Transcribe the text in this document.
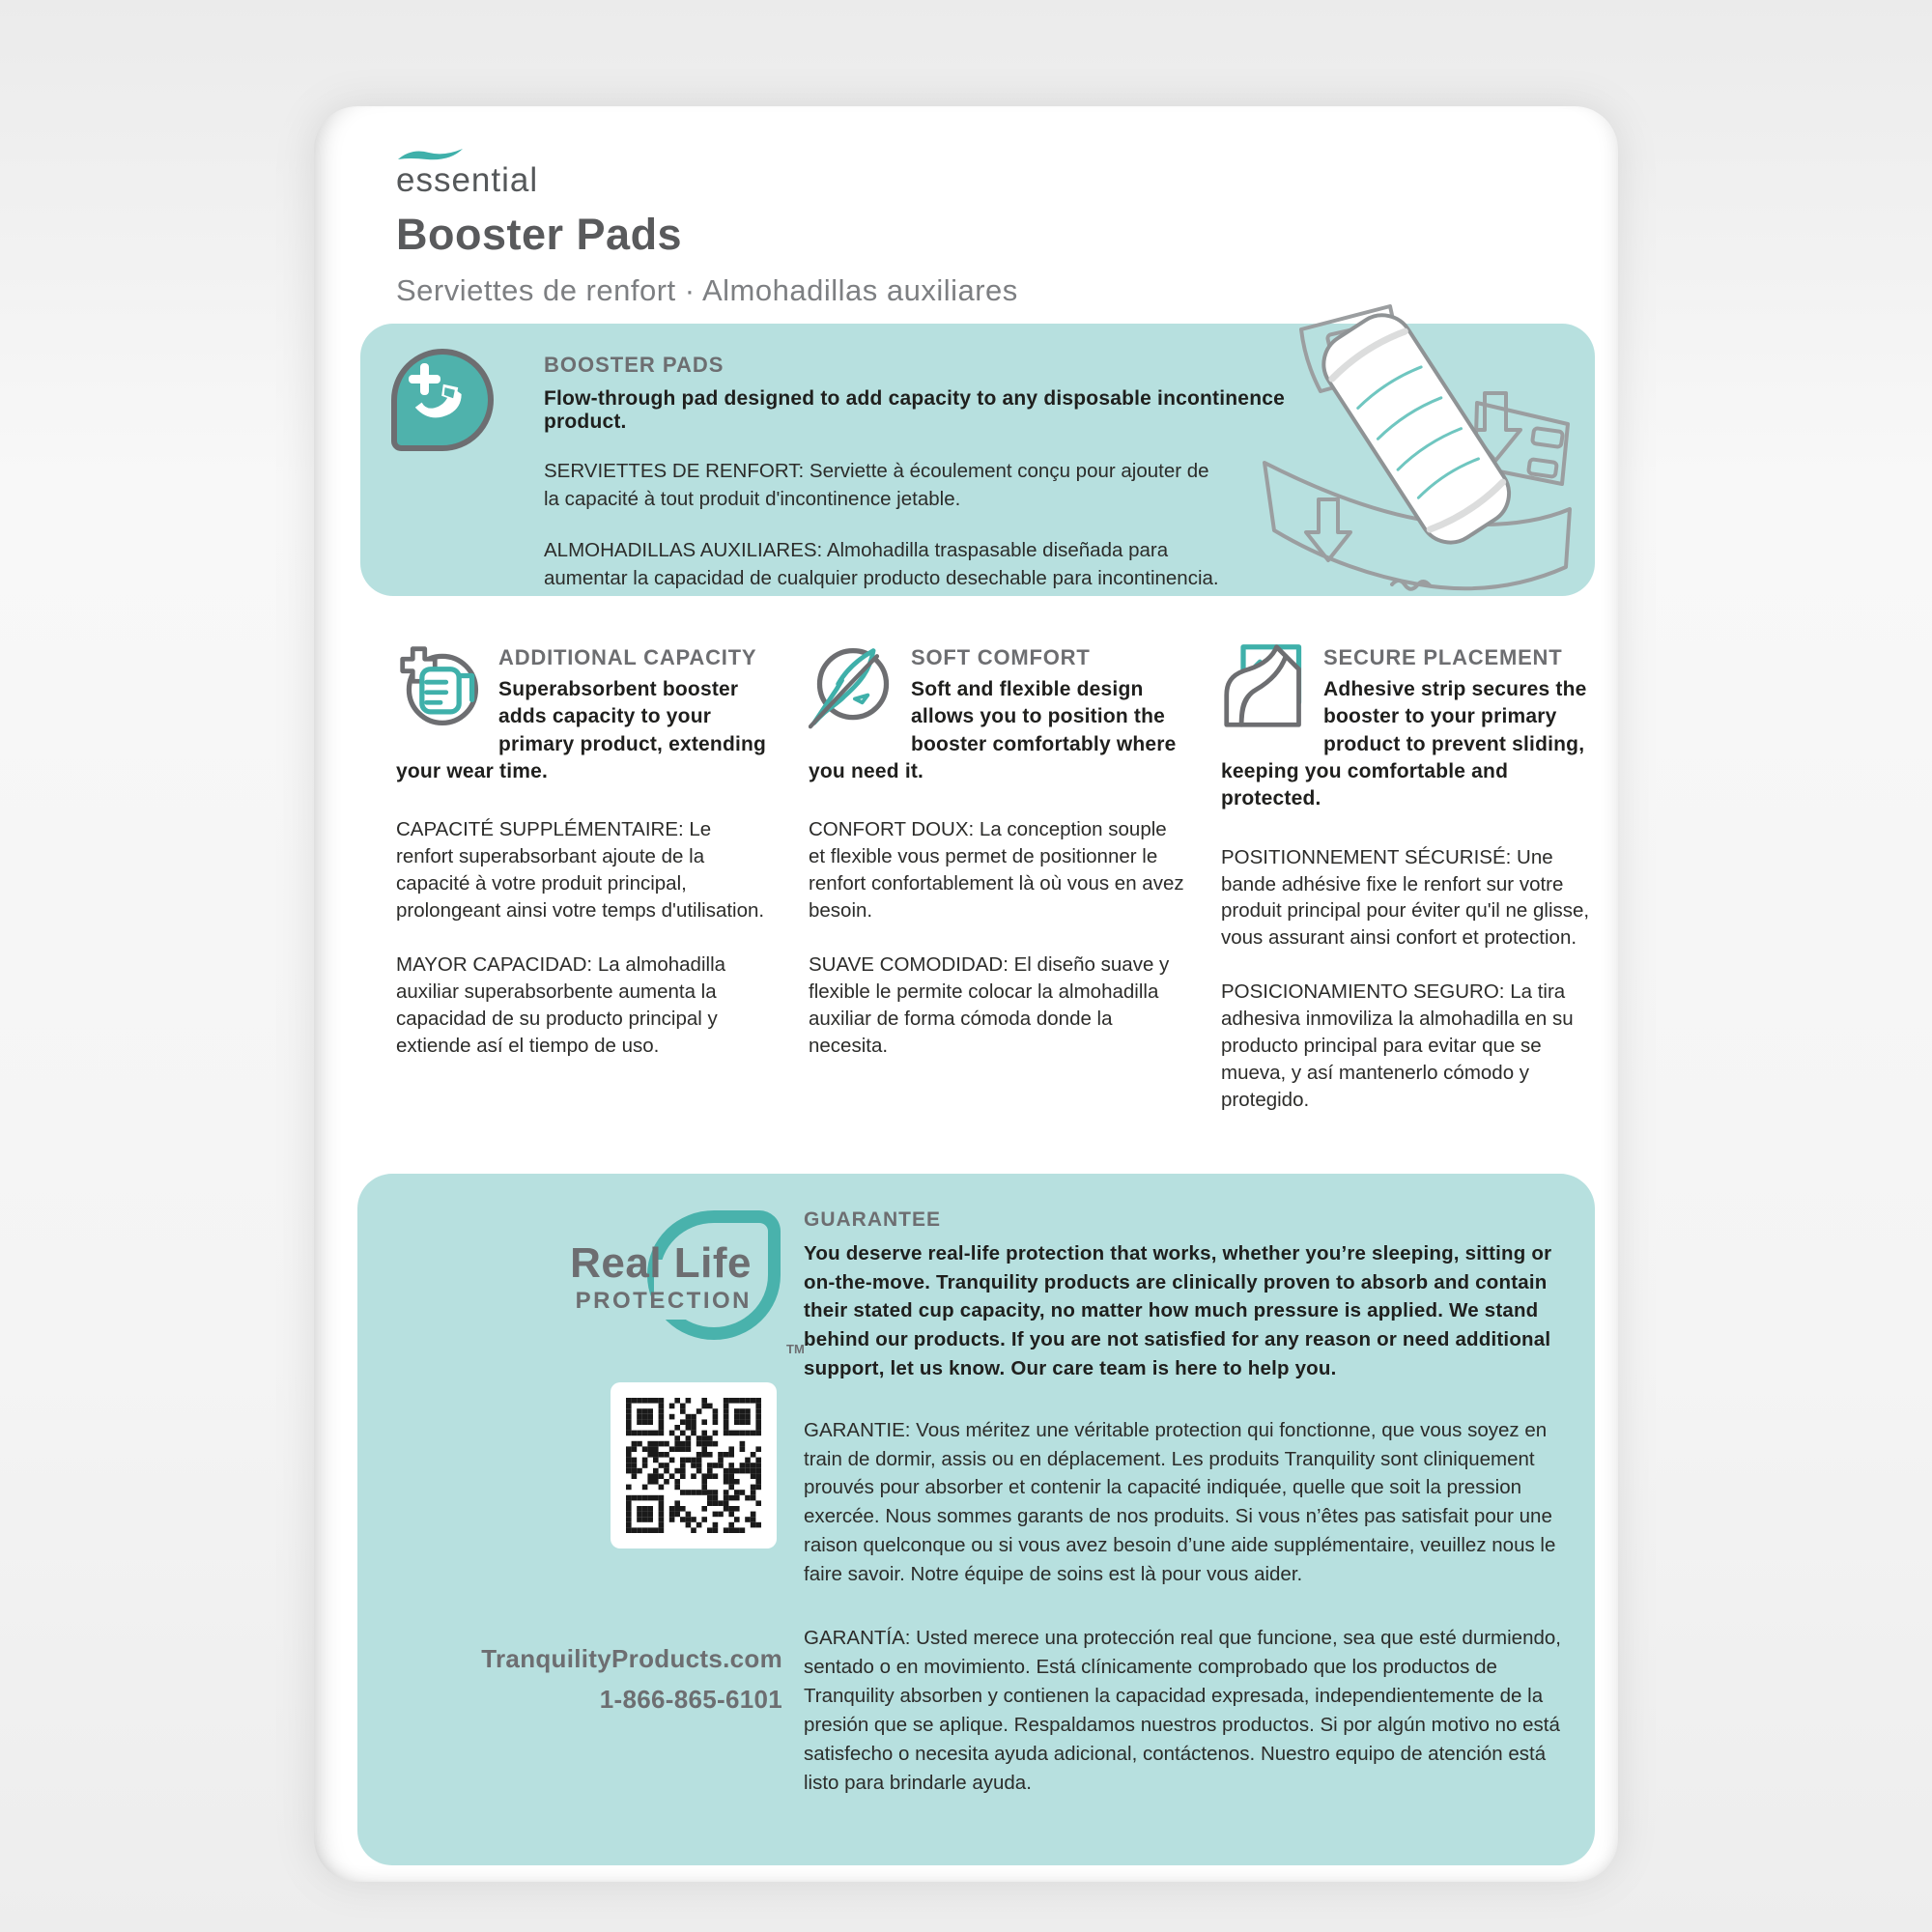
essential
Booster Pads
Serviettes de renfort · Almohadillas auxiliares
BOOSTER PADS
Flow-through pad designed to add capacity to any disposable incontinence product.
SERVIETTES DE RENFORT: Serviette à écoulement conçu pour ajouter de la capacité à tout produit d'incontinence jetable.
ALMOHADILLAS AUXILIARES: Almohadilla traspasable diseñada para aumentar la capacidad de cualquier producto desechable para incontinencia.
ADDITIONAL CAPACITY
Superabsorbent booster adds capacity to your primary product, extending your wear time.
CAPACITÉ SUPPLÉMENTAIRE: Le renfort superabsorbant ajoute de la capacité à votre produit principal, prolongeant ainsi votre temps d'utilisation.
MAYOR CAPACIDAD: La almohadilla auxiliar superabsorbente aumenta la capacidad de su producto principal y extiende así el tiempo de uso.
SOFT COMFORT
Soft and flexible design allows you to position the booster comfortably where you need it.
CONFORT DOUX: La conception souple et flexible vous permet de positionner le renfort confortablement là où vous en avez besoin.
SUAVE COMODIDAD: El diseño suave y flexible le permite colocar la almohadilla auxiliar de forma cómoda donde la necesita.
SECURE PLACEMENT
Adhesive strip secures the booster to your primary product to prevent sliding, keeping you comfortable and protected.
POSITIONNEMENT SÉCURISÉ: Une bande adhésive fixe le renfort sur votre produit principal pour éviter qu'il ne glisse, vous assurant ainsi confort et protection.
POSICIONAMIENTO SEGURO: La tira adhesiva inmoviliza la almohadilla en su producto principal para evitar que se mueva, y así mantenerlo cómodo y protegido.
Real Life
PROTECTION
TM
TranquilityProducts.com
1-866-865-6101
GUARANTEE
You deserve real-life protection that works, whether you’re sleeping, sitting or on-the-move. Tranquility products are clinically proven to absorb and contain their stated cup capacity, no matter how much pressure is applied. We stand behind our products. If you are not satisfied for any reason or need additional support, let us know. Our care team is here to help you.
GARANTIE: Vous méritez une véritable protection qui fonctionne, que vous soyez en train de dormir, assis ou en déplacement. Les produits Tranquility sont cliniquement prouvés pour absorber et contenir la capacité indiquée, quelle que soit la pression exercée. Nous sommes garants de nos produits. Si vous n’êtes pas satisfait pour une raison quelconque ou si vous avez besoin d’une aide supplémentaire, veuillez nous le faire savoir. Notre équipe de soins est là pour vous aider.
GARANTÍA: Usted merece una protección real que funcione, sea que esté durmiendo, sentado o en movimiento. Está clínicamente comprobado que los productos de Tranquility absorben y contienen la capacidad expresada, independientemente de la presión que se aplique. Respaldamos nuestros productos. Si por algún motivo no está satisfecho o necesita ayuda adicional, contáctenos. Nuestro equipo de atención está listo para brindarle ayuda.
